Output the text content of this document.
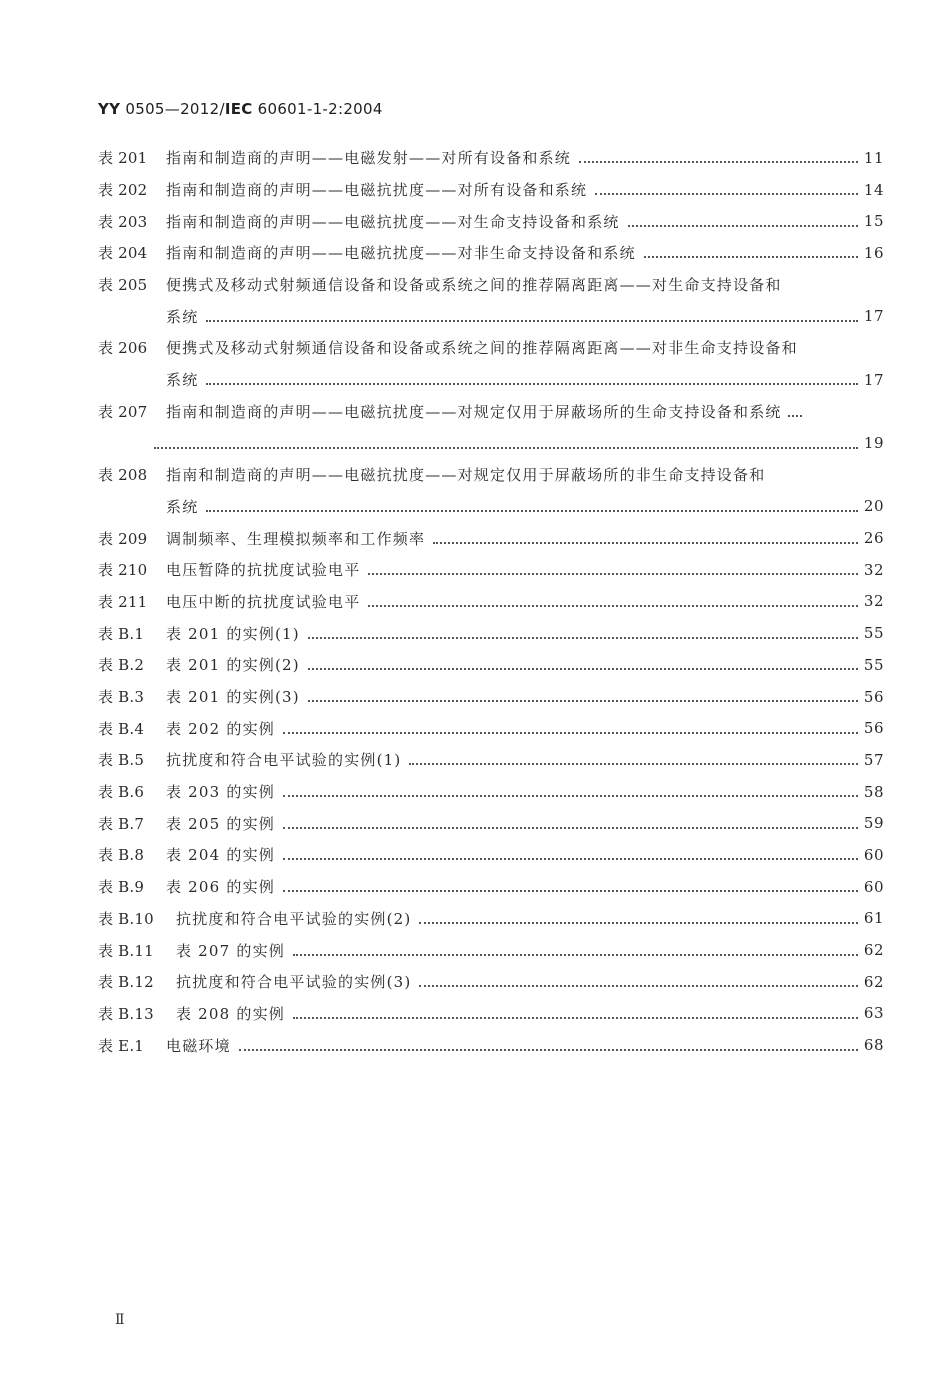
YY 0505—2012/IEC 60601-1-2:2004
表 201	指南和制造商的声明——电磁发射——对所有设备和系统	11
表 202	指南和制造商的声明——电磁抗扰度——对所有设备和系统	14
表 203	指南和制造商的声明——电磁抗扰度——对生命支持设备和系统	15
表 204	指南和制造商的声明——电磁抗扰度——对非生命支持设备和系统	16
表 205	便携式及移动式射频通信设备和设备或系统之间的推荐隔离距离——对生命支持设备和
系统	17
表 206	便携式及移动式射频通信设备和设备或系统之间的推荐隔离距离——对非生命支持设备和
系统	17
表 207	指南和制造商的声明——电磁抗扰度——对规定仅用于屏蔽场所的生命支持设备和系统
19
表 208	指南和制造商的声明——电磁抗扰度——对规定仅用于屏蔽场所的非生命支持设备和
系统	20
表 209	调制频率、生理模拟频率和工作频率	26
表 210	电压暂降的抗扰度试验电平	32
表 211	电压中断的抗扰度试验电平	32
表 B.1	表 201 的实例(1)	55
表 B.2	表 201 的实例(2)	55
表 B.3	表 201 的实例(3)	56
表 B.4	表 202 的实例	56
表 B.5	抗扰度和符合电平试验的实例(1)	57
表 B.6	表 203 的实例	58
表 B.7	表 205 的实例	59
表 B.8	表 204 的实例	60
表 B.9	表 206 的实例	60
表 B.10	抗扰度和符合电平试验的实例(2)	61
表 B.11	表 207 的实例	62
表 B.12	抗扰度和符合电平试验的实例(3)	62
表 B.13	表 208 的实例	63
表 E.1	电磁环境	68
Ⅱ
